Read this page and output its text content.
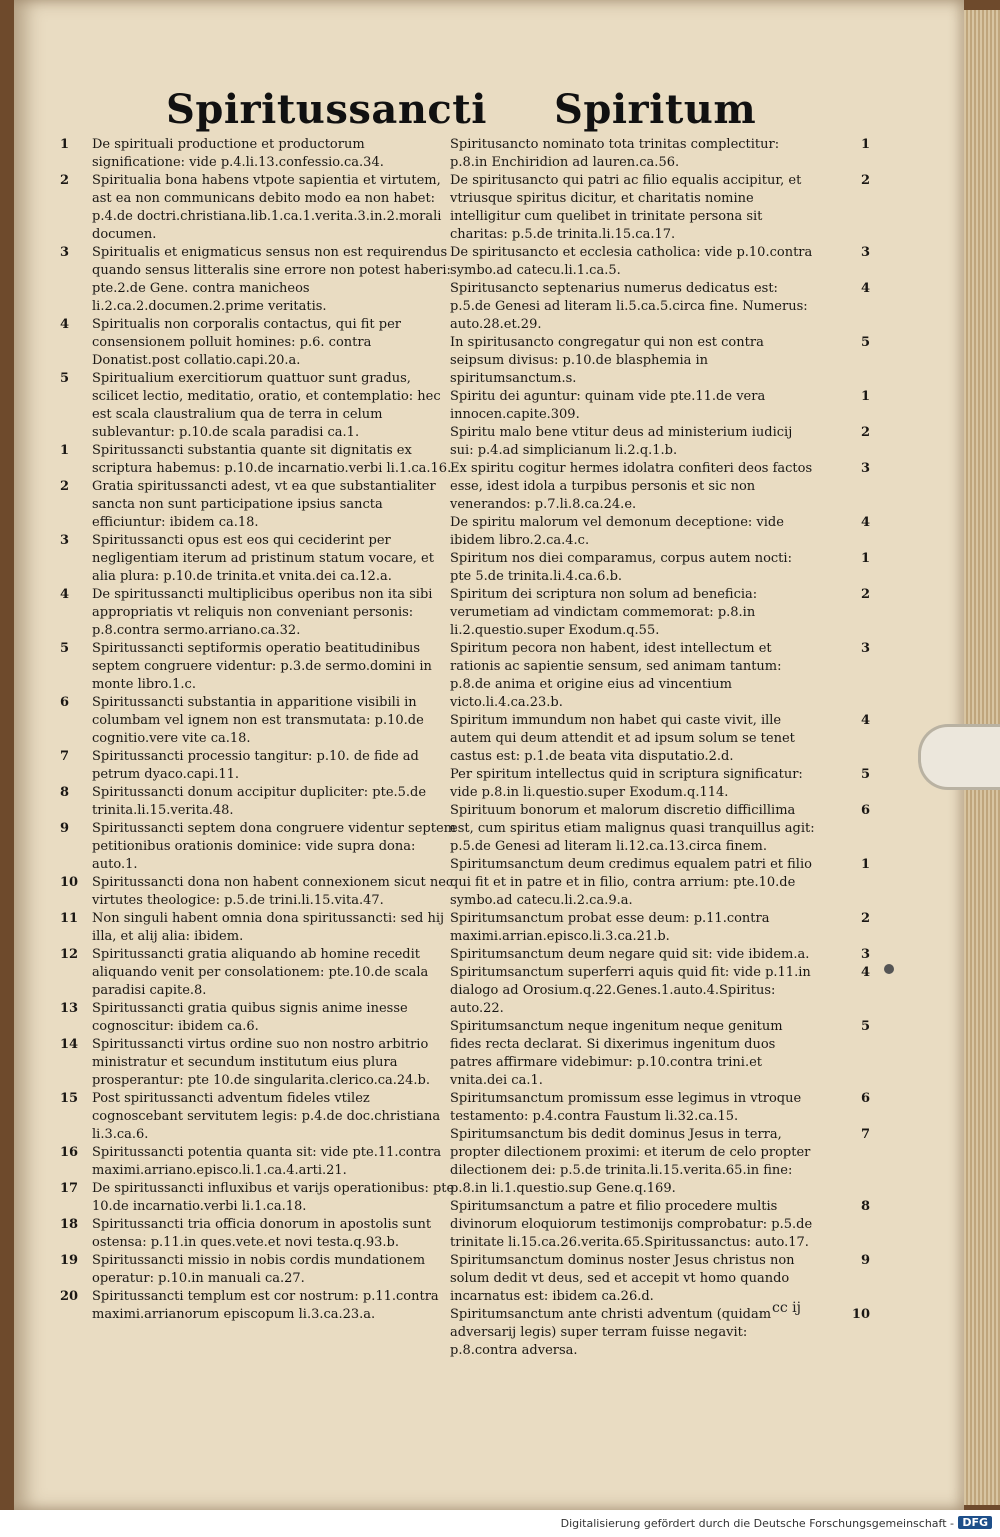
Spiritussancti Spiritum
1 De spirituali productione et productorum significatione: vide p.4.li.13.confessio.ca.34.
2 Spiritualia bona habens vtpote sapientia et virtutem, ast ea non communicans debito modo ea non habet: p.4.de doctri.christiana.lib.1.ca.1.verita.3.in.2.morali documen.
3 Spiritualis et enigmaticus sensus non est requirendus quando sensus litteralis sine errore non potest haberi: pte.2.de Gene. contra manicheos li.2.ca.2.documen.2.prime veritatis.
4 Spiritualis non corporalis contactus, qui fit per consensionem polluit homines: p.6. contra Donatist.post collatio.capi.20.a.
5 Spiritualium exercitiorum quattuor sunt gradus, scilicet lectio, meditatio, oratio, et contemplatio: hec est scala claustralium qua de terra in celum sublevantur: p.10.de scala paradisi ca.1.
1 Spiritussancti substantia quante sit dignitatis ex scriptura habemus: p.10.de incarnatio.verbi li.1.ca.16.
2 Gratia spiritussancti adest, vt ea que substantialiter sancta non sunt participatione ipsius sancta efficiuntur: ibidem ca.18.
3 Spiritussancti opus est eos qui ceciderint per negligentiam iterum ad pristinum statum vocare, et alia plura: p.10.de trinita.et vnita.dei ca.12.a.
4 De spiritussancti multiplicibus operibus non ita sibi appropriatis vt reliquis non conveniant personis: p.8.contra sermo.arriano.ca.32.
5 Spiritussancti septiformis operatio beatitudinibus septem congruere videntur: p.3.de sermo.domini in monte libro.1.c.
6 Spiritussancti substantia in apparitione visibili in columbam vel ignem non est transmutata: p.10.de cognitio.vere vite ca.18.
7 Spiritussancti processio tangitur: p.10. de fide ad petrum dyaco.capi.11.
8 Spiritussancti donum accipitur dupliciter: pte.5.de trinita.li.15.verita.48.
9 Spiritussancti septem dona congruere videntur septem petitionibus orationis dominice: vide supra dona: auto.1.
10 Spiritussancti dona non habent connexionem sicut nec virtutes theologice: p.5.de trini.li.15.vita.47.
11 Non singuli habent omnia dona spiritussancti: sed hij illa, et alij alia: ibidem.
12 Spiritussancti gratia aliquando ab homine recedit aliquando venit per consolationem: pte.10.de scala paradisi capite.8.
13 Spiritussancti gratia quibus signis anime inesse cognoscitur: ibidem ca.6.
14 Spiritussancti virtus ordine suo non nostro arbitrio ministratur et secundum institutum eius plura prosperantur: pte 10.de singularita.clerico.ca.24.b.
15 Post spiritussancti adventum fideles vtilez cognoscebant servitutem legis: p.4.de doc.christiana li.3.ca.6.
16 Spiritussancti potentia quanta sit: vide pte.11.contra maximi.arriano.episco.li.1.ca.4.arti.21.
17 De spiritussancti influxibus et varijs operationibus: pte 10.de incarnatio.verbi li.1.ca.18.
18 Spiritussancti tria officia donorum in apostolis sunt ostensa: p.11.in ques.vete.et novi testa.q.93.b.
19 Spiritussancti missio in nobis cordis mundationem operatur: p.10.in manuali ca.27.
20 Spiritussancti templum est cor nostrum: p.11.contra maximi.arrianorum episcopum li.3.ca.23.a.
1
Spiritusancto nominato tota trinitas complectitur: p.8.in Enchiridion ad lauren.ca.56.
2
De spiritusancto qui patri ac filio equalis accipitur, et vtriusque spiritus dicitur, et charitatis nomine intelligitur cum quelibet in trinitate persona sit charitas: p.5.de trinita.li.15.ca.17.
3
De spiritusancto et ecclesia catholica: vide p.10.contra symbo.ad catecu.li.1.ca.5.
4
Spiritusancto septenarius numerus dedicatus est: p.5.de Genesi ad literam li.5.ca.5.circa fine. Numerus: auto.28.et.29.
5
In spiritusancto congregatur qui non est contra seipsum divisus: p.10.de blasphemia in spiritumsanctum.s.
1
Spiritu dei aguntur: quinam vide pte.11.de vera innocen.capite.309.
2
Spiritu malo bene vtitur deus ad ministerium iudicij sui: p.4.ad simplicianum li.2.q.1.b.
3
Ex spiritu cogitur hermes idolatra confiteri deos factos esse, idest idola a turpibus personis et sic non venerandos: p.7.li.8.ca.24.e.
4
De spiritu malorum vel demonum deceptione: vide ibidem libro.2.ca.4.c.
1
Spiritum nos diei comparamus, corpus autem nocti: pte 5.de trinita.li.4.ca.6.b.
2
Spiritum dei scriptura non solum ad beneficia: verumetiam ad vindictam commemorat: p.8.in li.2.questio.super Exodum.q.55.
3
Spiritum pecora non habent, idest intellectum et rationis ac sapientie sensum, sed animam tantum: p.8.de anima et origine eius ad vincentium victo.li.4.ca.23.b.
4
Spiritum immundum non habet qui caste vivit, ille autem qui deum attendit et ad ipsum solum se tenet castus est: p.1.de beata vita disputatio.2.d.
5
Per spiritum intellectus quid in scriptura significatur: vide p.8.in li.questio.super Exodum.q.114.
6
Spirituum bonorum et malorum discretio difficillima est, cum spiritus etiam malignus quasi tranquillus agit: p.5.de Genesi ad literam li.12.ca.13.circa finem.
1
Spiritumsanctum deum credimus equalem patri et filio qui fit et in patre et in filio, contra arrium: pte.10.de symbo.ad catecu.li.2.ca.9.a.
2
Spiritumsanctum probat esse deum: p.11.contra maximi.arrian.episco.li.3.ca.21.b.
3
Spiritumsanctum deum negare quid sit: vide ibidem.a.
4
Spiritumsanctum superferri aquis quid fit: vide p.11.in dialogo ad Orosium.q.22.Genes.1.auto.4.Spiritus: auto.22.
5
Spiritumsanctum neque ingenitum neque genitum fides recta declarat. Si dixerimus ingenitum duos patres affirmare videbimur: p.10.contra trini.et vnita.dei ca.1.
6
Spiritumsanctum promissum esse legimus in vtroque testamento: p.4.contra Faustum li.32.ca.15.
7
Spiritumsanctum bis dedit dominus Jesus in terra, propter dilectionem proximi: et iterum de celo propter dilectionem dei: p.5.de trinita.li.15.verita.65.in fine: p.8.in li.1.questio.sup Gene.q.169.
8
Spiritumsanctum a patre et filio procedere multis divinorum eloquiorum testimonijs comprobatur: p.5.de trinitate li.15.ca.26.verita.65.Spiritussanctus: auto.17.
9
Spiritumsanctum dominus noster Jesus christus non solum dedit vt deus, sed et accepit vt homo quando incarnatus est: ibidem ca.26.d.
10
Spiritumsanctum ante christi adventum (quidam adversarij legis) super terram fuisse negavit: p.8.contra adversa.
cc ij
Digitalisierung gefördert durch die Deutsche Forschungsgemeinschaft - DFG
